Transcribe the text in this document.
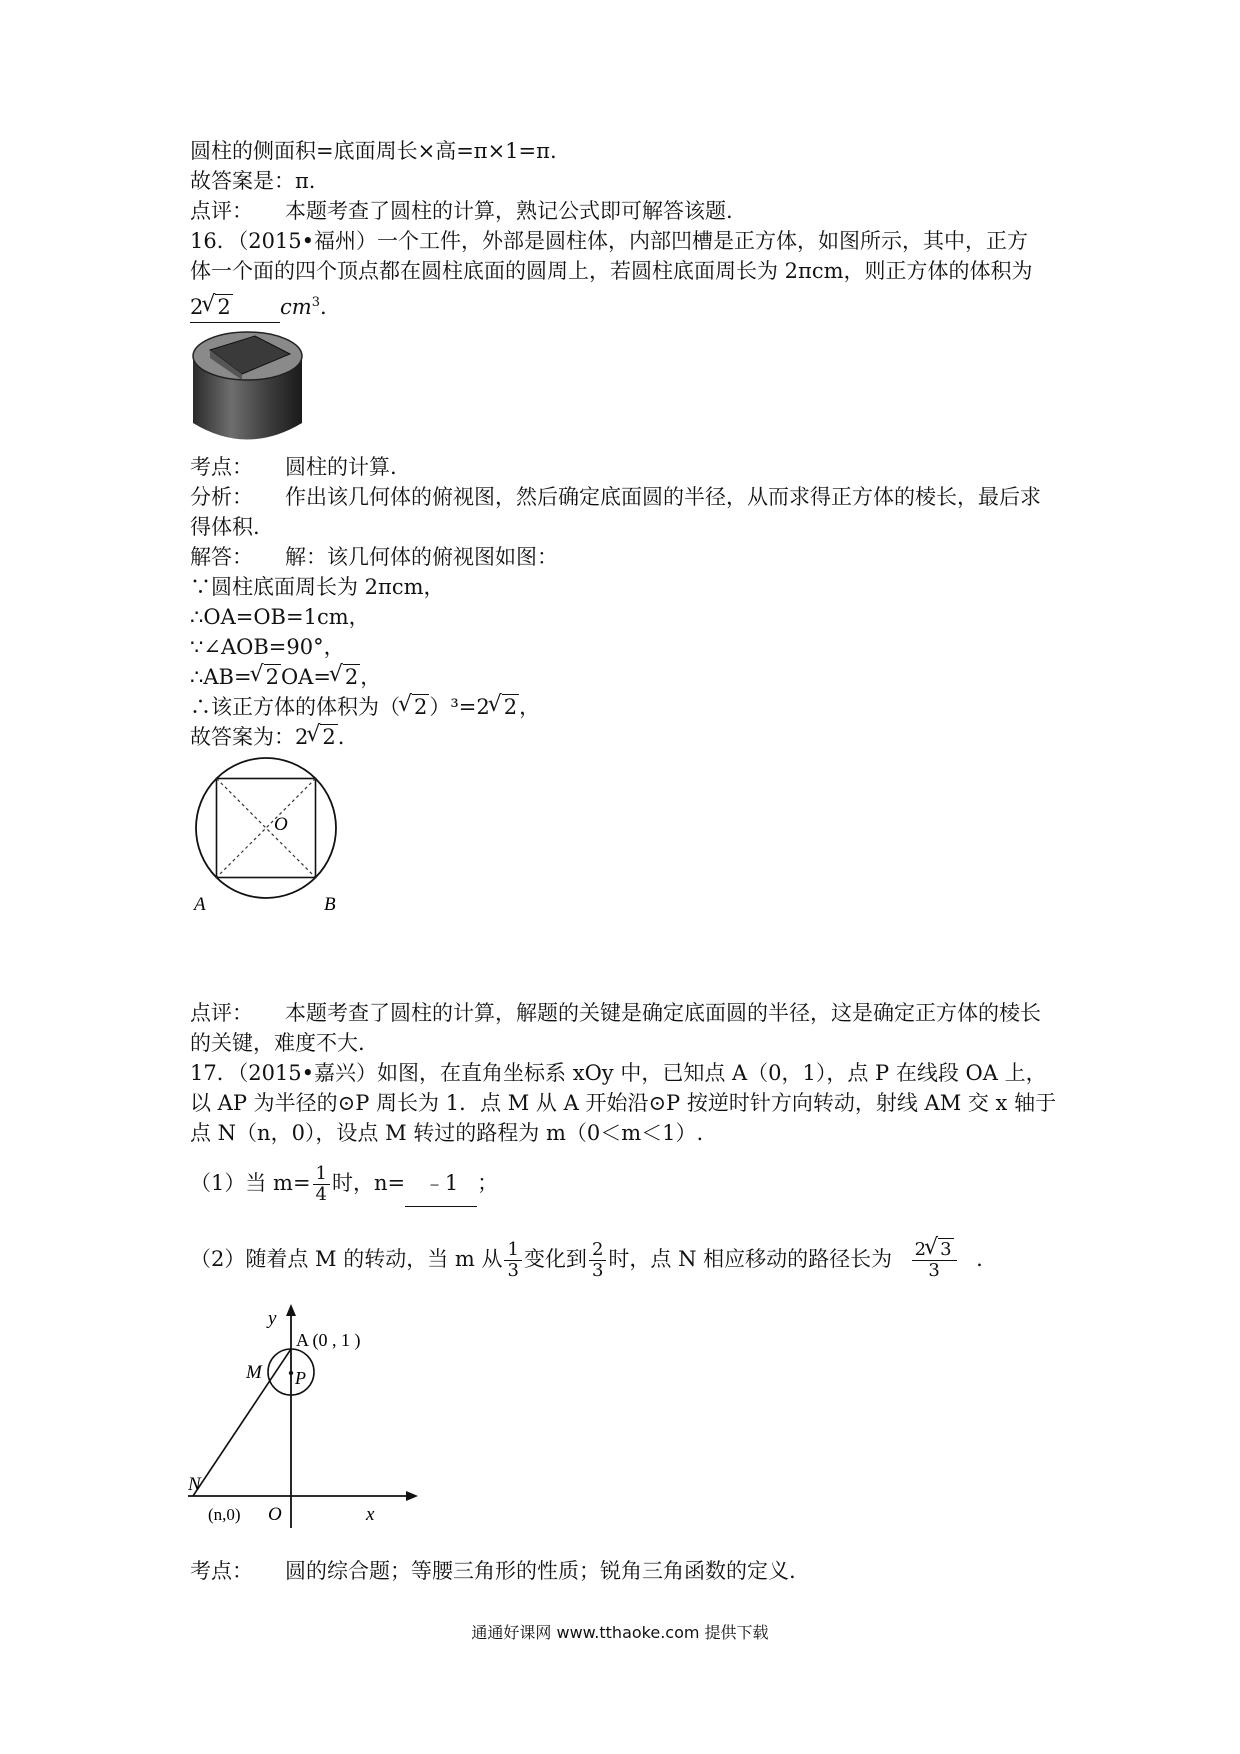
圆柱的侧面积=底面周长×高=π×1=π.
故答案是：π.
点评： 本题考查了圆柱的计算，熟记公式即可解答该题.
16．（2015•福州）一个工件，外部是圆柱体，内部凹槽是正方体，如图所示，其中，正方
体一个面的四个顶点都在圆柱底面的圆周上，若圆柱底面周长为 2πcm，则正方体的体积为
2 √ 2 $cm^3$.
考点： 圆柱的计算.
分析： 作出该几何体的俯视图，然后确定底面圆的半径，从而求得正方体的棱长，最后求
得体积.
解答： 解：该几何体的俯视图如图：
∵圆柱底面周长为 2πcm，
∴OA=OB=1cm，
∵∠AOB=90°，
∴AB= √ 2OA= √ 2，
∴该正方体的体积为（ √ 2）³=2 √ 2，
故答案为：2 √ 2.
O
A	B
点评： 本题考查了圆柱的计算，解题的关键是确定底面圆的半径，这是确定正方体的棱长
的关键，难度不大.
17．（2015•嘉兴）如图，在直角坐标系 xOy 中，已知点 A（0，1），点 P 在线段 OA 上，
以 AP 为半径的⊙P 周长为 1．点 M 从 A 开始沿⊙P 按逆时针方向转动，射线 AM 交 x 轴于
点 N（n，0），设点 M 转过的路程为 m（0＜m＜1）.
（1）当 $m= \frac{1}{4}$ 时，n= ﹣1 ；
（2）随着点 M 的转动，当 m 从 $\frac{1}{3}$ 变化到 $\frac{2}{3}$ 时，点 N 相应移动的路径长为 $\frac{2 √ 3}{3}$ .
y
x
A (0 , 1 )
M P
N
(n,0) O
考点： 圆的综合题；等腰三角形的性质；锐角三角函数的定义.
通通好课网 www.tthaoke.com 提供下载
